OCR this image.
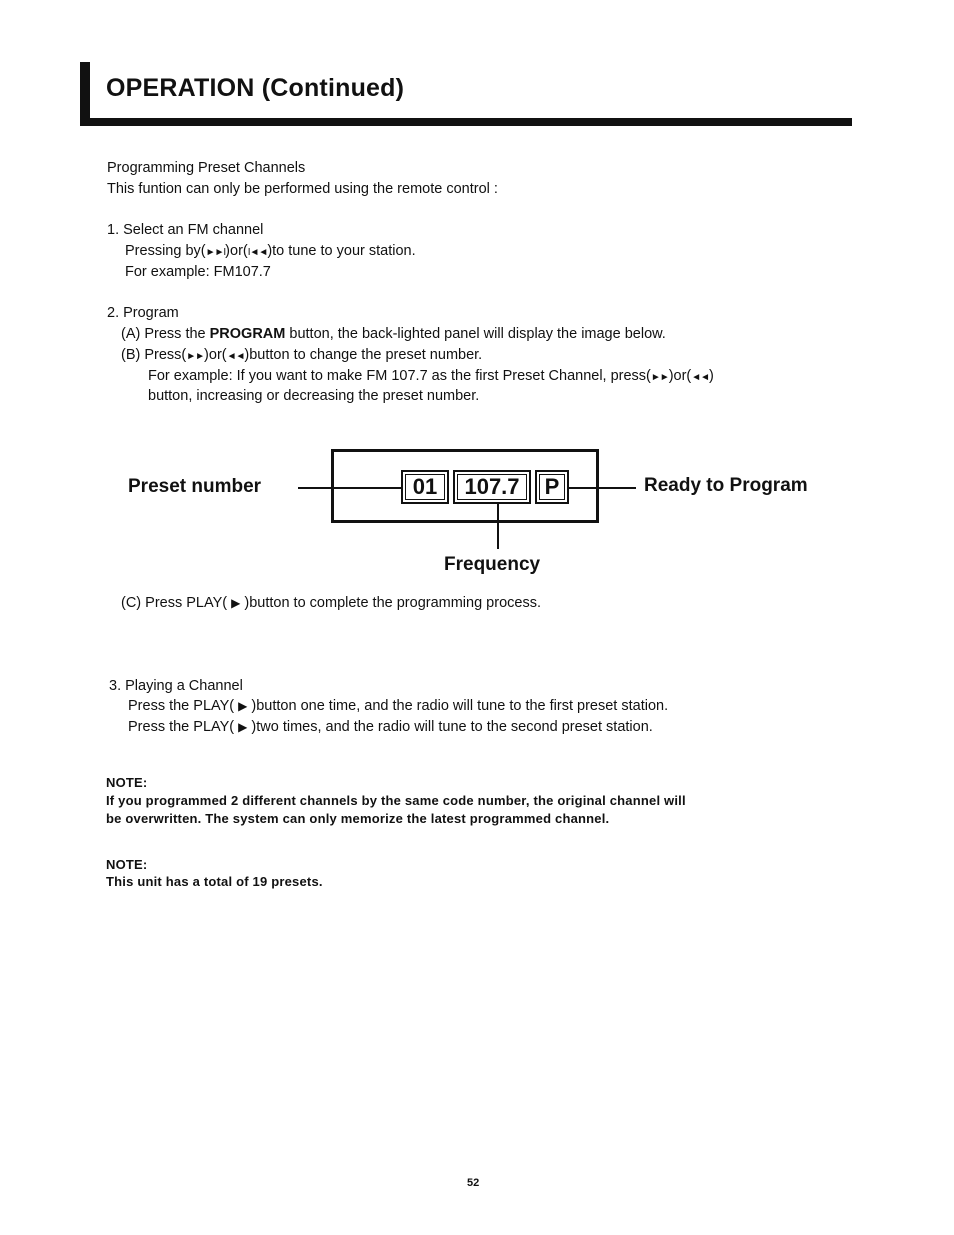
OPERATION (Continued)
Programming Preset Channels
This funtion can only be performed using the remote control :
1. Select an FM channel
Pressing by(►►I)or(I◄◄)to tune to your station.
For example: FM107.7
2. Program
(A) Press the PROGRAM button, the back-lighted panel will display the image below.
(B) Press(►►)or(◄◄)button to change the preset number.
For example: If you want to make FM 107.7 as the first Preset Channel, press(►►)or(◄◄)
button, increasing or decreasing the preset number.
Preset number	01	107.7	P	Ready to Program
Frequency
(C) Press PLAY( ▶ )button to complete the programming process.
3. Playing a Channel
Press the PLAY( ▶ )button one time, and the radio will tune to the first preset station.
Press the PLAY( ▶ )two times, and the radio will tune to the second preset station.
NOTE:
If you programmed 2 different channels by the same code number, the original channel will
be overwritten. The system can only memorize the latest programmed channel.
NOTE:
This unit has a total of 19 presets.
52
